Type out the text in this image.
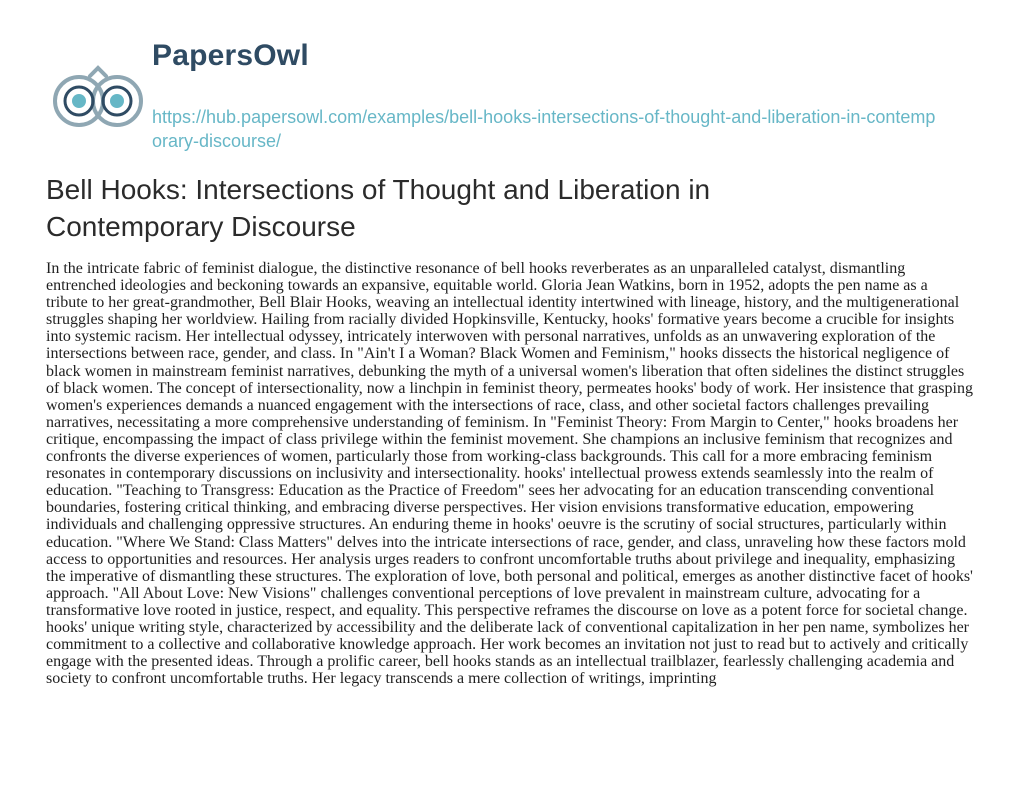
PapersOwl
https://hub.papersowl.com/examples/bell-hooks-intersections-of-thought-and-liberation-in-contemporary-discourse/
Bell Hooks: Intersections of Thought and Liberation in Contemporary Discourse
In the intricate fabric of feminist dialogue, the distinctive resonance of bell hooks reverberates as an unparalleled catalyst, dismantling
entrenched ideologies and beckoning towards an expansive, equitable world. Gloria Jean Watkins, born in 1952, adopts the pen name as a
tribute to her great-grandmother, Bell Blair Hooks, weaving an intellectual identity intertwined with lineage, history, and the multigenerational
struggles shaping her worldview. Hailing from racially divided Hopkinsville, Kentucky, hooks' formative years become a crucible for insights
into systemic racism. Her intellectual odyssey, intricately interwoven with personal narratives, unfolds as an unwavering exploration of the
intersections between race, gender, and class. In "Ain't I a Woman? Black Women and Feminism," hooks dissects the historical negligence of
black women in mainstream feminist narratives, debunking the myth of a universal women's liberation that often sidelines the distinct struggles
of black women. The concept of intersectionality, now a linchpin in feminist theory, permeates hooks' body of work. Her insistence that grasping
women's experiences demands a nuanced engagement with the intersections of race, class, and other societal factors challenges prevailing
narratives, necessitating a more comprehensive understanding of feminism. In "Feminist Theory: From Margin to Center," hooks broadens her
critique, encompassing the impact of class privilege within the feminist movement. She champions an inclusive feminism that recognizes and
confronts the diverse experiences of women, particularly those from working-class backgrounds. This call for a more embracing feminism
resonates in contemporary discussions on inclusivity and intersectionality. hooks' intellectual prowess extends seamlessly into the realm of
education. "Teaching to Transgress: Education as the Practice of Freedom" sees her advocating for an education transcending conventional
boundaries, fostering critical thinking, and embracing diverse perspectives. Her vision envisions transformative education, empowering
individuals and challenging oppressive structures. An enduring theme in hooks' oeuvre is the scrutiny of social structures, particularly within
education. "Where We Stand: Class Matters" delves into the intricate intersections of race, gender, and class, unraveling how these factors mold
access to opportunities and resources. Her analysis urges readers to confront uncomfortable truths about privilege and inequality, emphasizing
the imperative of dismantling these structures. The exploration of love, both personal and political, emerges as another distinctive facet of hooks'
approach. "All About Love: New Visions" challenges conventional perceptions of love prevalent in mainstream culture, advocating for a
transformative love rooted in justice, respect, and equality. This perspective reframes the discourse on love as a potent force for societal change.
hooks' unique writing style, characterized by accessibility and the deliberate lack of conventional capitalization in her pen name, symbolizes her
commitment to a collective and collaborative knowledge approach. Her work becomes an invitation not just to read but to actively and critically
engage with the presented ideas. Through a prolific career, bell hooks stands as an intellectual trailblazer, fearlessly challenging academia and
society to confront uncomfortable truths. Her legacy transcends a mere collection of writings, imprinting
